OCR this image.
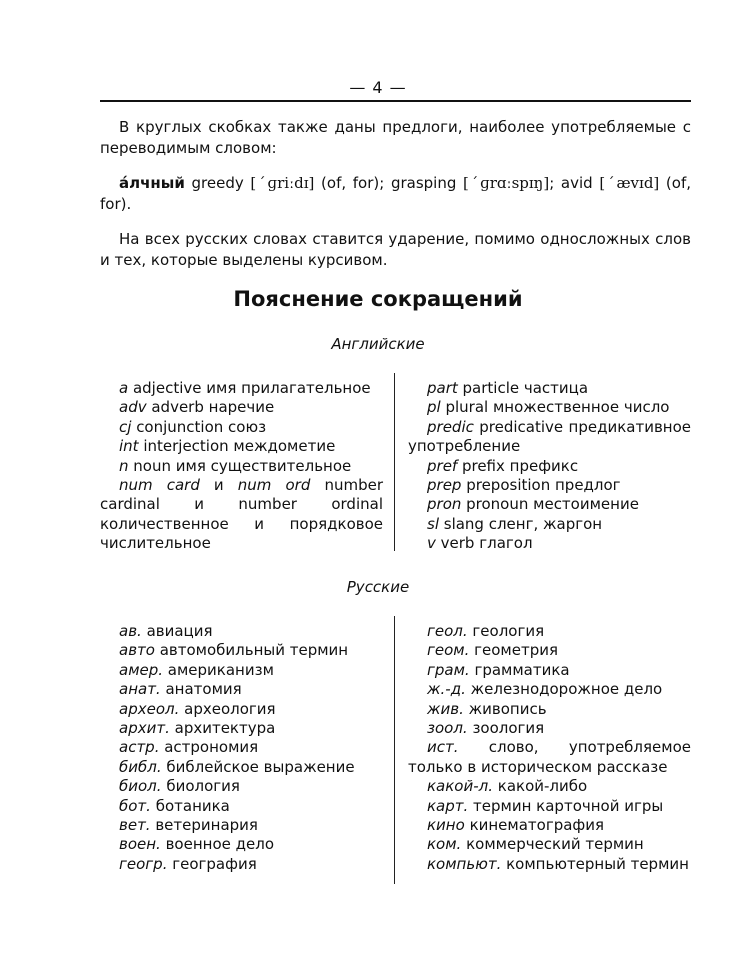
— 4 —

В круглых скобках также даны предлоги, наиболее употребляемые с переводимым словом:

а́лчный greedy [ˊɡriːdɪ] (of, for); grasping [ˊɡrɑːspɪŋ]; avid [ˊævɪd] (of, for).

На всех русских словах ставится ударение, помимо односложных слов и тех, которые выделены курсивом.

Пояснение сокращений
Английские

a adjective имя прилагательное

adv adverb наречие

cj conjunction союз

int interjection междометие

n noun имя существительное

num card и num ord number cardinal и number ordinal количественное и порядковое числительное

part particle частица

pl plural множественное число

predic predicative предикативное употребление

pref prefix префикс

prep preposition предлог

pron pronoun местоимение

sl slang сленг, жаргон

v verb глагол

Русские

ав. авиация

авто автомобильный термин

амер. американизм

анат. анатомия

археол. археология

архит. архитектура

астр. астрономия

библ. библейское выражение

биол. биология

бот. ботаника

вет. ветеринария

воен. военное дело

геогр. география

геол. геология

геом. геометрия

грам. грамматика

ж.-д. железнодорожное дело

жив. живопись

зоол. зоология

ист. слово, употребляемое только в историческом рассказе

какой-л. какой-либо

карт. термин карточной игры

кино кинематография

ком. коммерческий термин

компьют. компьютерный термин
